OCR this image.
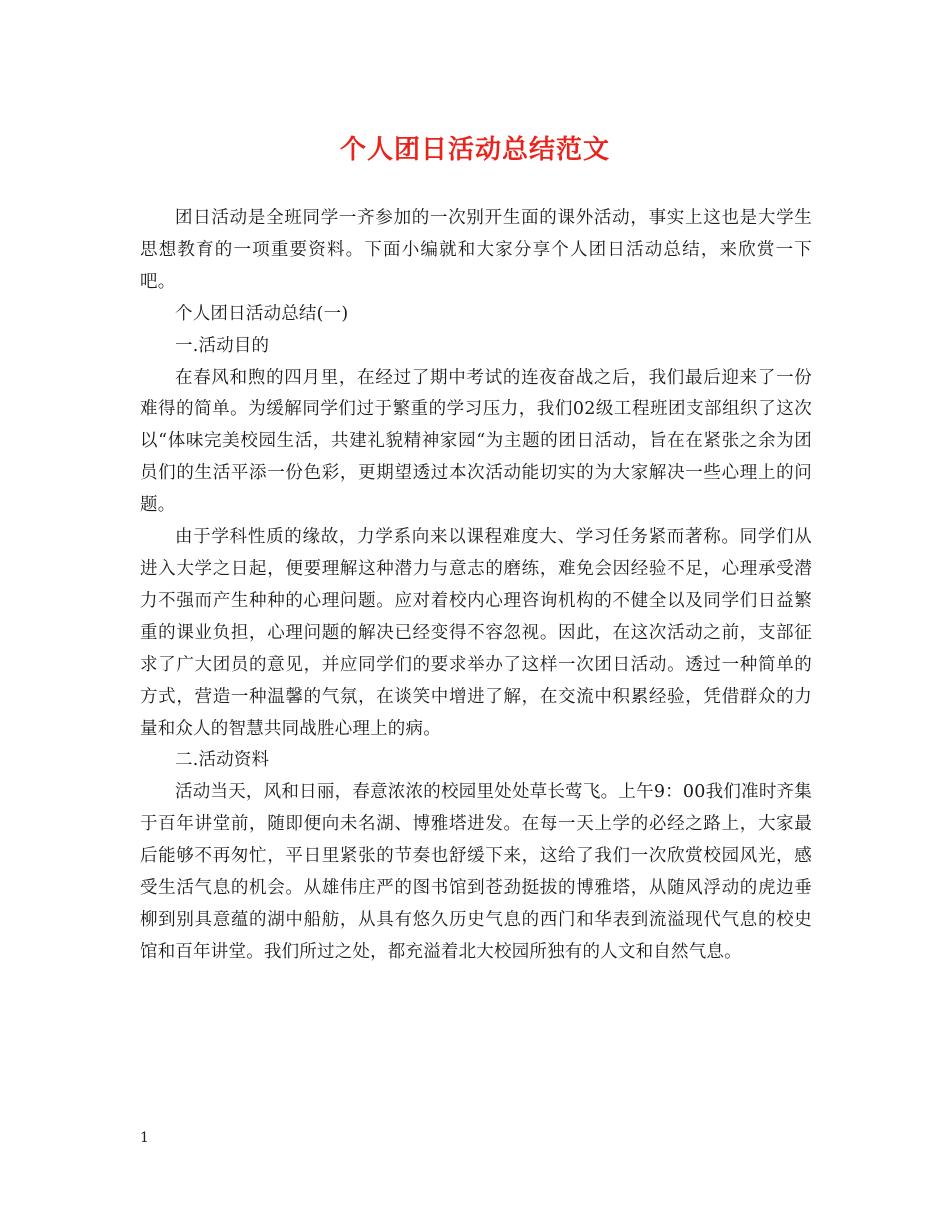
个人团日活动总结范文

团日活动是全班同学一齐参加的一次别开生面的课外活动，事实上这也是大学生思想教育的一项重要资料。下面小编就和大家分享个人团日活动总结，来欣赏一下吧。

个人团日活动总结(一)

一.活动目的

在春风和煦的四月里，在经过了期中考试的连夜奋战之后，我们最后迎来了一份难得的简单。为缓解同学们过于繁重的学习压力，我们02级工程班团支部组织了这次以“体味完美校园生活，共建礼貌精神家园“为主题的团日活动，旨在在紧张之余为团员们的生活平添一份色彩，更期望透过本次活动能切实的为大家解决一些心理上的问题。

由于学科性质的缘故，力学系向来以课程难度大、学习任务紧而著称。同学们从进入大学之日起，便要理解这种潜力与意志的磨练，难免会因经验不足，心理承受潜力不强而产生种种的心理问题。应对着校内心理咨询机构的不健全以及同学们日益繁重的课业负担，心理问题的解决已经变得不容忽视。因此，在这次活动之前，支部征求了广大团员的意见，并应同学们的要求举办了这样一次团日活动。透过一种简单的方式，营造一种温馨的气氛，在谈笑中增进了解，在交流中积累经验，凭借群众的力量和众人的智慧共同战胜心理上的病。

二.活动资料

活动当天，风和日丽，春意浓浓的校园里处处草长莺飞。上午9：00我们准时齐集于百年讲堂前，随即便向未名湖、博雅塔进发。在每一天上学的必经之路上，大家最后能够不再匆忙，平日里紧张的节奏也舒缓下来，这给了我们一次欣赏校园风光，感受生活气息的机会。从雄伟庄严的图书馆到苍劲挺拔的博雅塔，从随风浮动的虎边垂柳到别具意蕴的湖中船舫，从具有悠久历史气息的西门和华表到流溢现代气息的校史馆和百年讲堂。我们所过之处，都充溢着北大校园所独有的人文和自然气息。

1
